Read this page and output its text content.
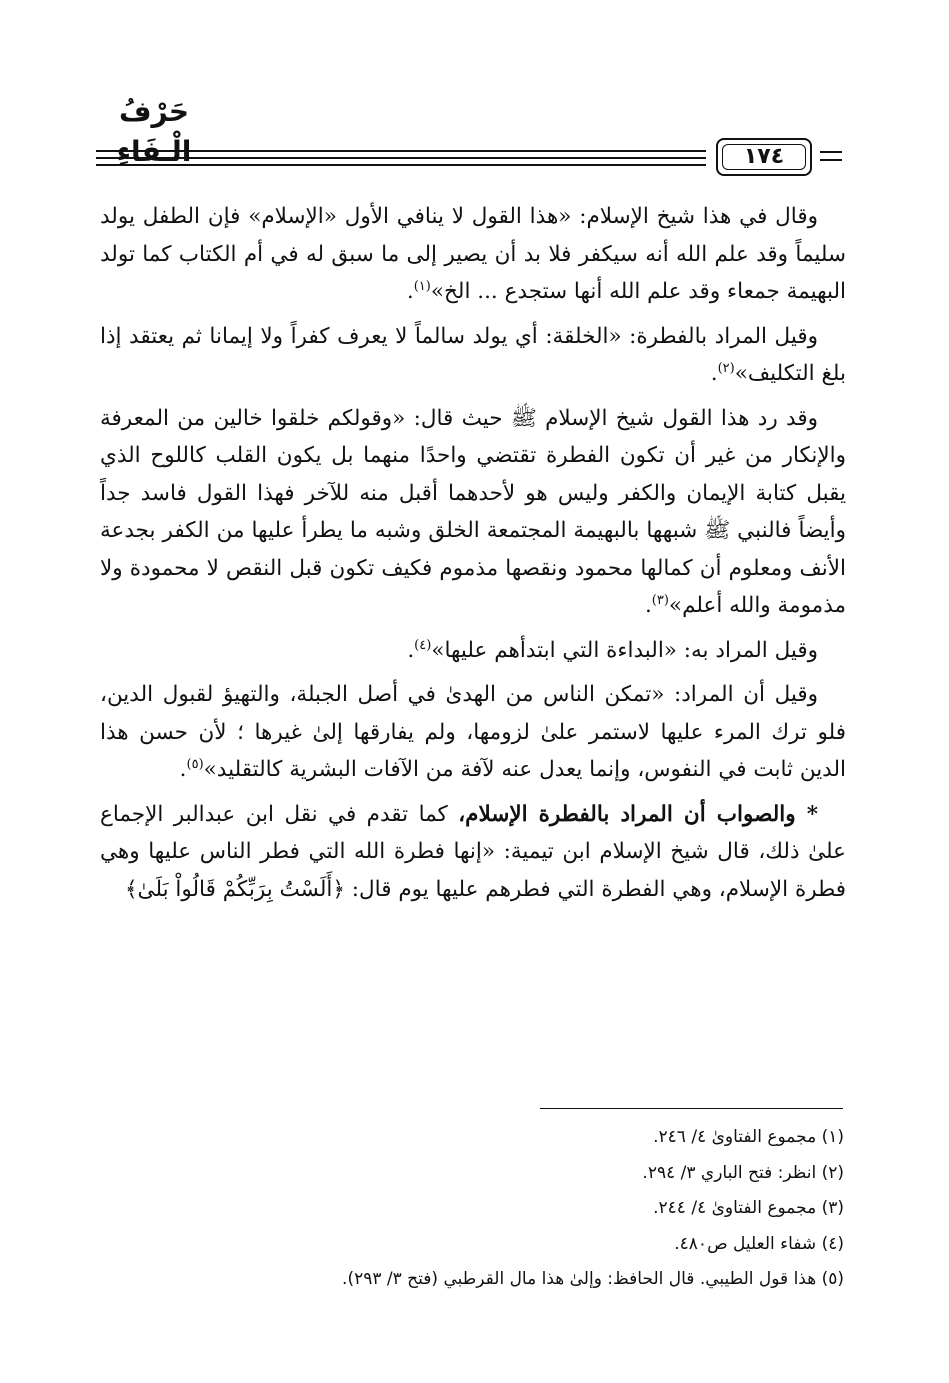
حَرْفُ الْـفَاءِ	١٧٤

وقال في هذا شيخ الإسلام: «هذا القول لا ينافي الأول «الإسلام» فإن الطفل يولد سليماً وقد علم الله أنه سيكفر فلا بد أن يصير إلى ما سبق له في أم الكتاب كما تولد البهيمة جمعاء وقد علم الله أنها ستجدع ... الخ»$^{(١)}$.

وقيل المراد بالفطرة: «الخلقة: أي يولد سالماً لا يعرف كفراً ولا إيمانا ثم يعتقد إذا بلغ التكليف»$^{(٢)}$.

وقد رد هذا القول شيخ الإسلام ﷺ حيث قال: «وقولكم خلقوا خالين من المعرفة والإنكار من غير أن تكون الفطرة تقتضي واحدًا منهما بل يكون القلب كاللوح الذي يقبل كتابة الإيمان والكفر وليس هو لأحدهما أقبل منه للآخر فهذا القول فاسد جداً وأيضاً فالنبي ﷺ شبهها بالبهيمة المجتمعة الخلق وشبه ما يطرأ عليها من الكفر بجدعة الأنف ومعلوم أن كمالها محمود ونقصها مذموم فكيف تكون قبل النقص لا محمودة ولا مذمومة والله أعلم»$^{(٣)}$.

وقيل المراد به: «البداءة التي ابتدأهم عليها»$^{(٤)}$.

وقيل أن المراد: «تمكن الناس من الهدىٰ في أصل الجبلة، والتهيؤ لقبول الدين، فلو ترك المرء عليها لاستمر علىٰ لزومها، ولم يفارقها إلىٰ غيرها ؛ لأن حسن هذا الدين ثابت في النفوس، وإنما يعدل عنه لآفة من الآفات البشرية كالتقليد»$^{(٥)}$.

* والصواب أن المراد بالفطرة الإسلام، كما تقدم في نقل ابن عبدالبر الإجماع علىٰ ذلك، قال شيخ الإسلام ابن تيمية: «إنها فطرة الله التي فطر الناس عليها وهي فطرة الإسلام، وهي الفطرة التي فطرهم عليها يوم قال: ﴿أَلَسْتُ بِرَبِّكُمْ قَالُواْ بَلَىٰ﴾

(١) مجموع الفتاوىٰ ٤/ ٢٤٦.
(٢) انظر: فتح الباري ٣/ ٢٩٤.
(٣) مجموع الفتاوىٰ ٤/ ٢٤٤.
(٤) شفاء العليل ص٤٨٠.
(٥) هذا قول الطيبي. قال الحافظ: وإلىٰ هذا مال القرطبي (فتح ٣/ ٢٩٣).
